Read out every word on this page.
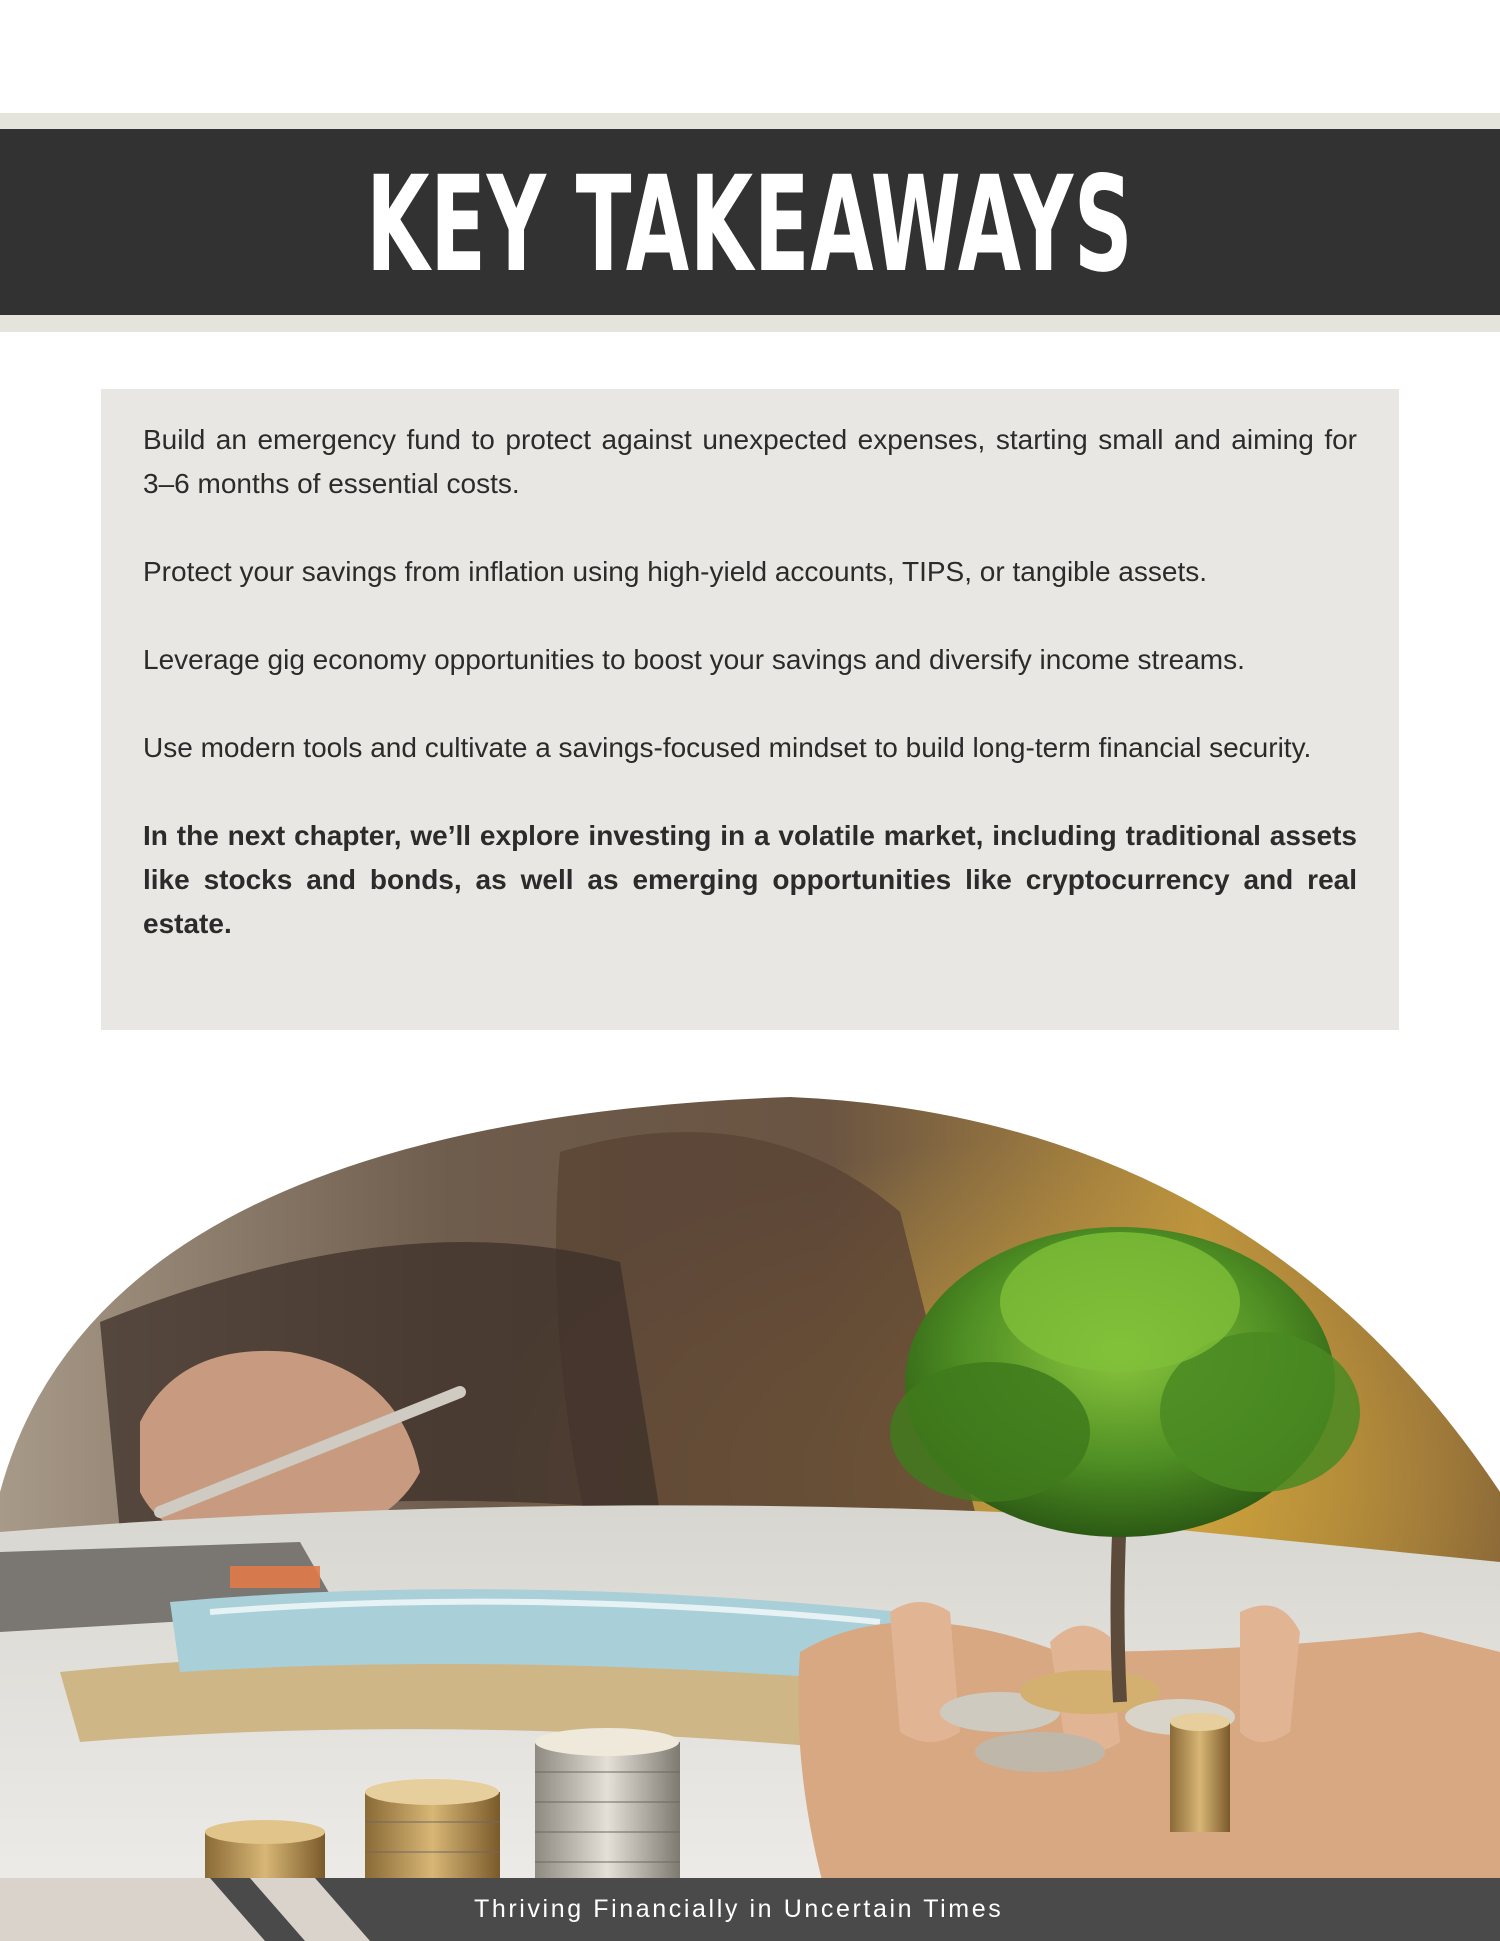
KEY TAKEAWAYS

Build an emergency fund to protect against unexpected expenses, starting small and aiming for 3–6 months of essential costs.

Protect your savings from inflation using high-yield accounts, TIPS, or tangible assets.

Leverage gig economy opportunities to boost your savings and diversify income streams.

Use modern tools and cultivate a savings-focused mindset to build long-term financial security.

In the next chapter, we’ll explore investing in a volatile market, including traditional assets like stocks and bonds, as well as emerging opportunities like cryptocurrency and real estate.

Thriving Financially in Uncertain Times
